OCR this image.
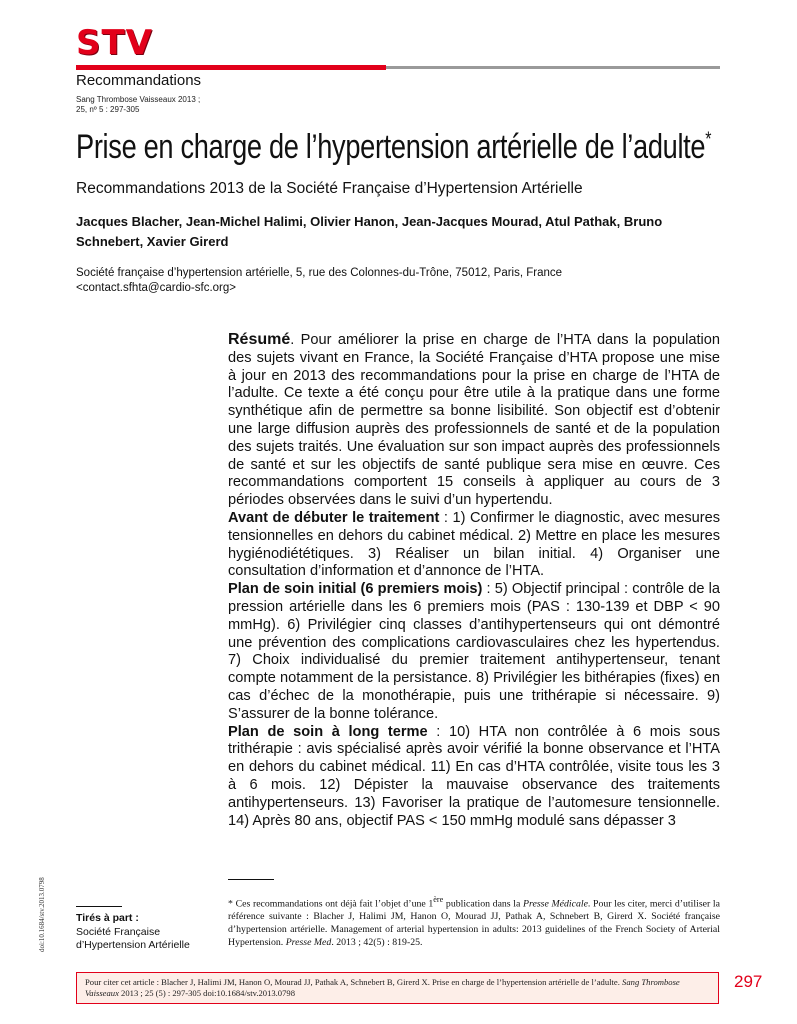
STV
Recommandations
Sang Thrombose Vaisseaux 2013 ;
25, nº 5 : 297-305
Prise en charge de l’hypertension artérielle de l’adulte*
Recommandations 2013 de la Société Française d’Hypertension Artérielle
Jacques Blacher, Jean-Michel Halimi, Olivier Hanon, Jean-Jacques Mourad, Atul Pathak, Bruno Schnebert, Xavier Girerd
Société française d’hypertension artérielle, 5, rue des Colonnes-du-Trône, 75012, Paris, France
<contact.sfhta@cardio-sfc.org>

Résumé. Pour améliorer la prise en charge de l’HTA dans la population des sujets vivant en France, la Société Française d’HTA propose une mise à jour en 2013 des recommandations pour la prise en charge de l’HTA de l’adulte. Ce texte a été conçu pour être utile à la pratique dans une forme synthétique afin de permettre sa bonne lisibilité. Son objectif est d’obtenir une large diffusion auprès des professionnels de santé et de la population des sujets traités. Une évaluation sur son impact auprès des professionnels de santé et sur les objectifs de santé publique sera mise en œuvre. Ces recommandations comportent 15 conseils à appliquer au cours de 3 périodes observées dans le suivi d’un hypertendu.

Avant de débuter le traitement : 1) Confirmer le diagnostic, avec mesures tensionnelles en dehors du cabinet médical. 2) Mettre en place les mesures hygiénodiététiques. 3) Réaliser un bilan initial. 4) Organiser une consultation d’information et d’annonce de l’HTA.

Plan de soin initial (6 premiers mois) : 5) Objectif principal : contrôle de la pression artérielle dans les 6 premiers mois (PAS : 130-139 et DBP < 90 mmHg). 6) Privilégier cinq classes d’antihypertenseurs qui ont démontré une prévention des complications cardiovasculaires chez les hypertendus. 7) Choix individualisé du premier traitement antihypertenseur, tenant compte notamment de la persistance. 8) Privilégier les bithérapies (fixes) en cas d’échec de la monothérapie, puis une trithérapie si nécessaire. 9) S’assurer de la bonne tolérance.

Plan de soin à long terme : 10) HTA non contrôlée à 6 mois sous trithérapie : avis spécialisé après avoir vérifié la bonne observance et l’HTA en dehors du cabinet médical. 11) En cas d’HTA contrôlée, visite tous les 3 à 6 mois. 12) Dépister la mauvaise observance des traitements antihypertenseurs. 13) Favoriser la pratique de l’automesure tensionnelle. 14) Après 80 ans, objectif PAS < 150 mmHg modulé sans dépasser 3

doi:10.1684/stv.2013.0798	Tirés à part :
Société Française
d’Hypertension Artérielle
* Ces recommandations ont déjà fait l’objet d’une 1ère publication dans la Presse Médicale. Pour les citer, merci d’utiliser la référence suivante : Blacher J, Halimi JM, Hanon O, Mourad JJ, Pathak A, Schnebert B, Girerd X. Société française d’hypertension artérielle. Management of arterial hypertension in adults: 2013 guidelines of the French Society of Arterial Hypertension. Presse Med. 2013 ; 42(5) : 819-25.
Pour citer cet article : Blacher J, Halimi JM, Hanon O, Mourad JJ, Pathak A, Schnebert B, Girerd X. Prise en charge de l’hypertension artérielle de l’adulte. Sang Thrombose Vaisseaux 2013 ; 25 (5) : 297-305 doi:10.1684/stv.2013.0798
297
